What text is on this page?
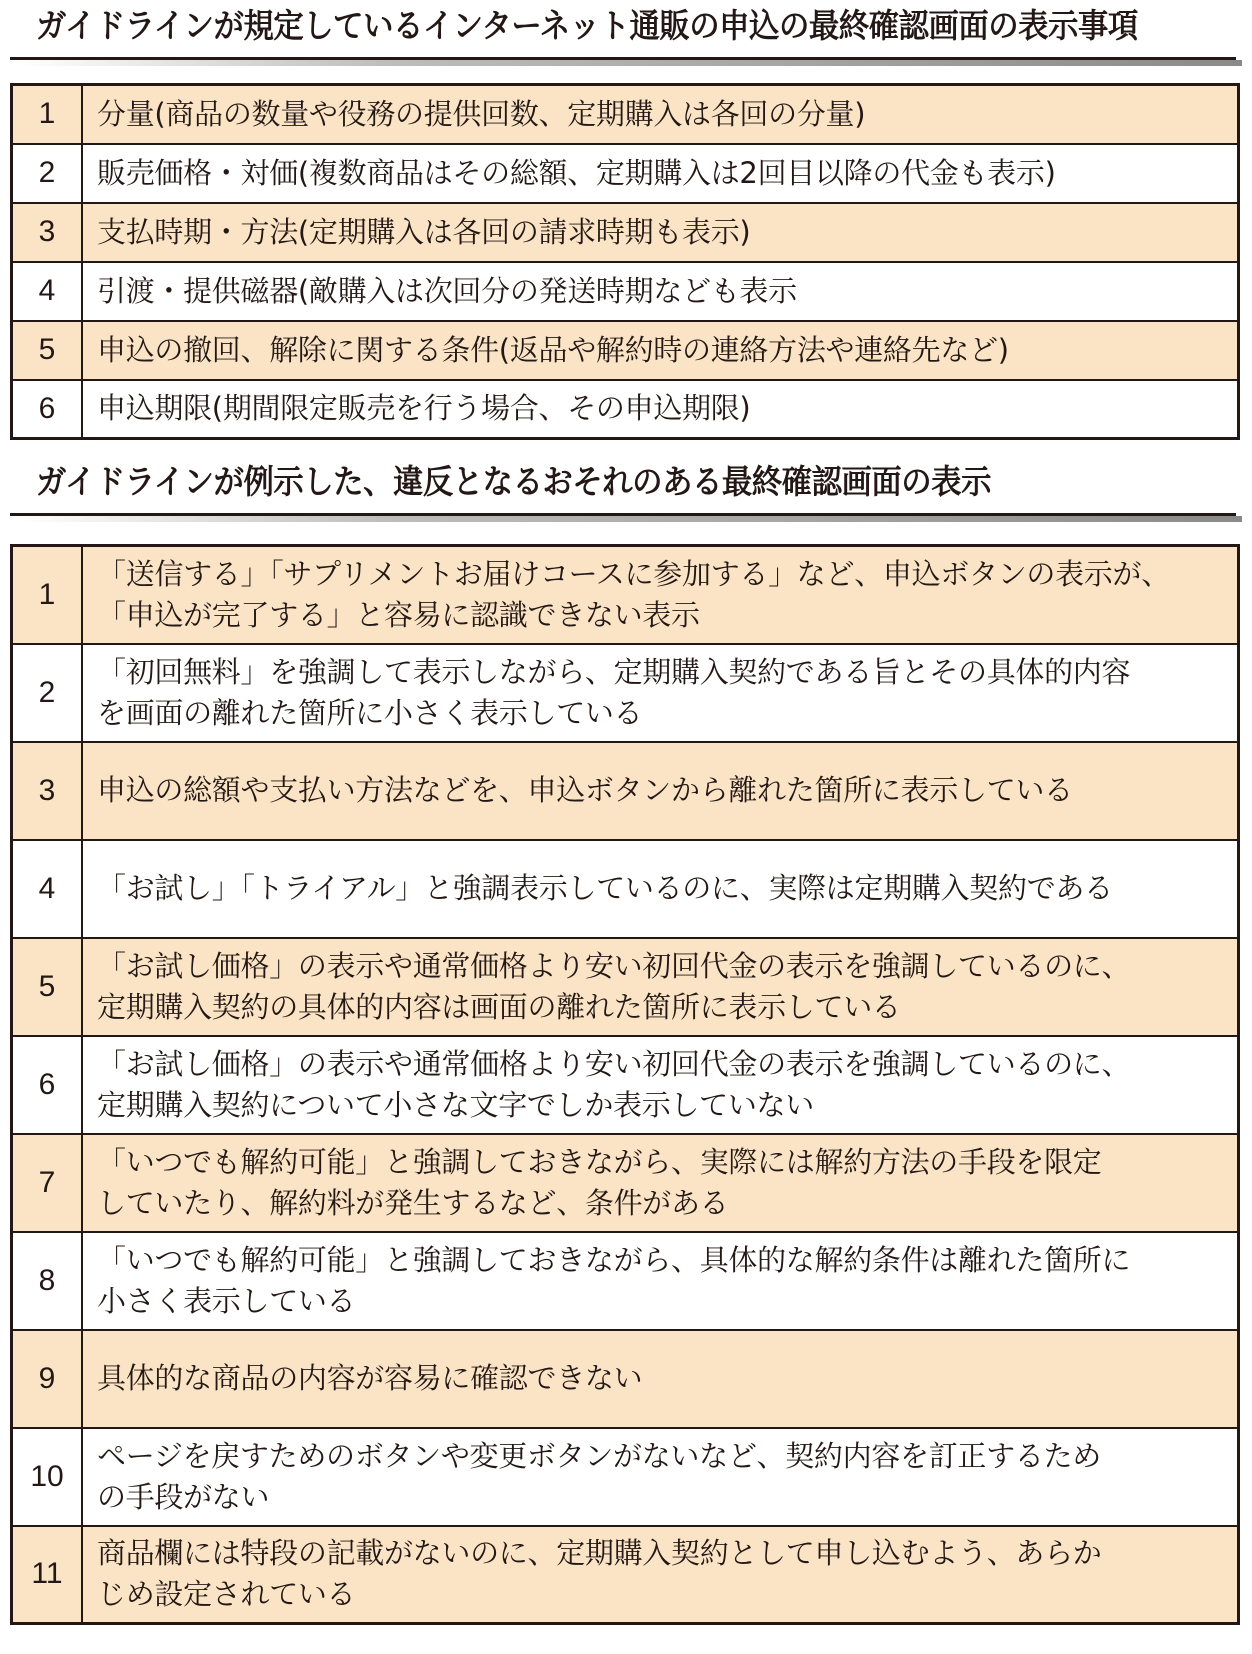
ガイドラインが規定しているインターネット通販の申込の最終確認画面の表示事項
1	分量(商品の数量や役務の提供回数、定期購入は各回の分量)
2	販売価格・対価(複数商品はその総額、定期購入は2回目以降の代金も表示)
3	支払時期・方法(定期購入は各回の請求時期も表示)
4	引渡・提供磁器(敵購入は次回分の発送時期なども表示
5	申込の撤回、解除に関する条件(返品や解約時の連絡方法や連絡先など)
6	申込期限(期間限定販売を行う場合、その申込期限)
ガイドラインが例示した、違反となるおそれのある最終確認画面の表示
1	「送信する」「サプリメントお届けコースに参加する」など、申込ボタンの表示が、
「申込が完了する」と容易に認識できない表示
2	「初回無料」を強調して表示しながら、定期購入契約である旨とその具体的内容
を画面の離れた箇所に小さく表示している
3	申込の総額や支払い方法などを、申込ボタンから離れた箇所に表示している
4	「お試し」「トライアル」と強調表示しているのに、実際は定期購入契約である
5	「お試し価格」の表示や通常価格より安い初回代金の表示を強調しているのに、
定期購入契約の具体的内容は画面の離れた箇所に表示している
6	「お試し価格」の表示や通常価格より安い初回代金の表示を強調しているのに、
定期購入契約について小さな文字でしか表示していない
7	「いつでも解約可能」と強調しておきながら、実際には解約方法の手段を限定
していたり、解約料が発生するなど、条件がある
8	「いつでも解約可能」と強調しておきながら、具体的な解約条件は離れた箇所に
小さく表示している
9	具体的な商品の内容が容易に確認できない
10	ページを戻すためのボタンや変更ボタンがないなど、契約内容を訂正するため
の手段がない
11	商品欄には特段の記載がないのに、定期購入契約として申し込むよう、あらか
じめ設定されている
